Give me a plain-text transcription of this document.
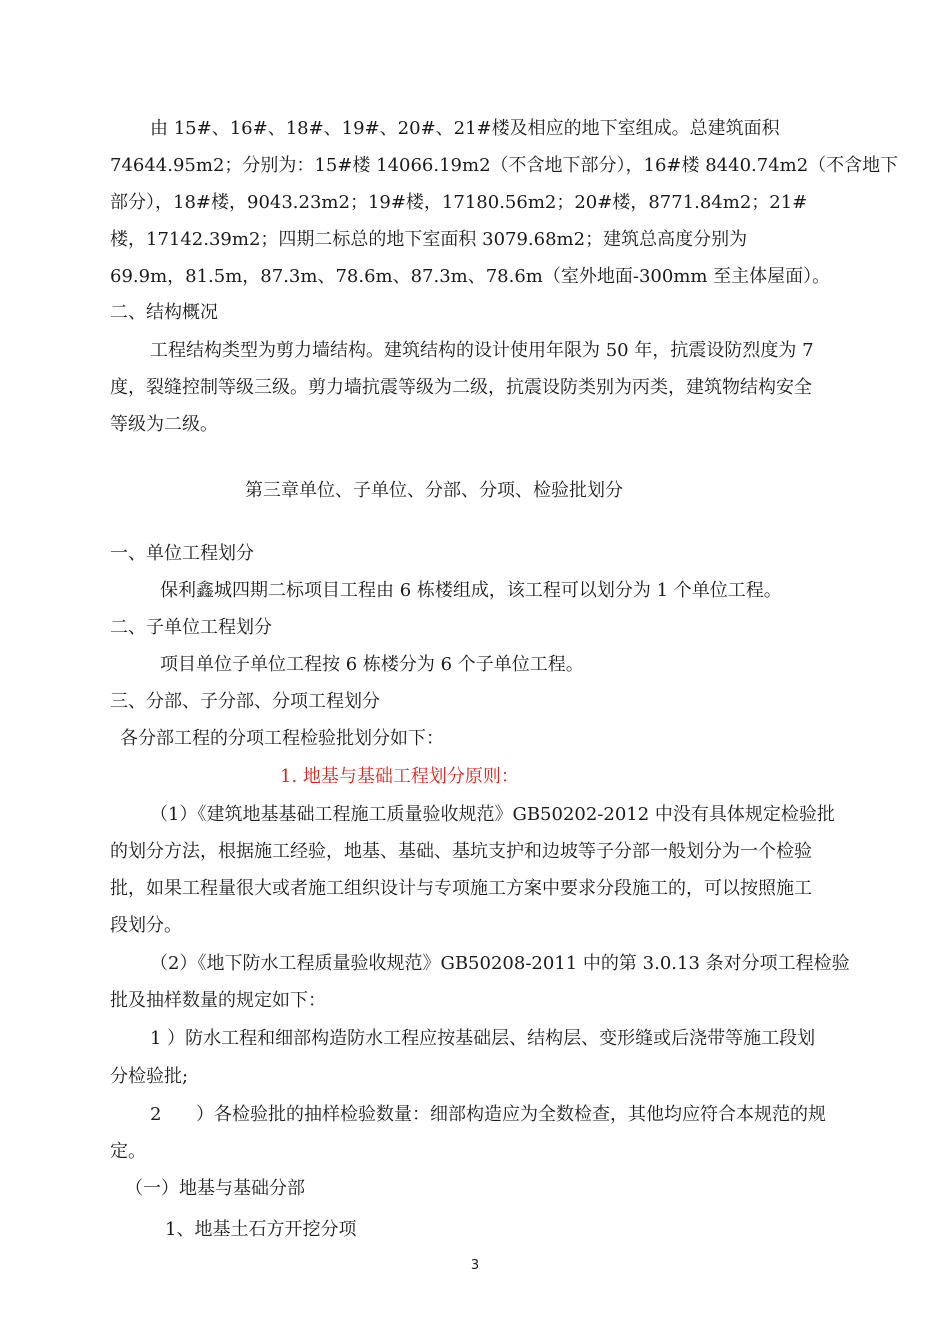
由 15#、16#、18#、19#、20#、21#楼及相应的地下室组成。总建筑面积
74644.95m2；分别为：15#楼 14066.19m2（不含地下部分），16#楼 8440.74m2（不含地下
部分），18#楼，9043.23m2；19#楼，17180.56m2；20#楼，8771.84m2；21#
楼，17142.39m2；四期二标总的地下室面积 3079.68m2；建筑总高度分别为
69.9m，81.5m，87.3m、78.6m、87.3m、78.6m（室外地面-300mm 至主体屋面）。
二、结构概况
工程结构类型为剪力墙结构。建筑结构的设计使用年限为 50 年，抗震设防烈度为 7
度，裂缝控制等级三级。剪力墙抗震等级为二级，抗震设防类别为丙类，建筑物结构安全
等级为二级。
第三章单位、子单位、分部、分项、检验批划分
一、单位工程划分
保利鑫城四期二标项目工程由 6 栋楼组成，该工程可以划分为 1 个单位工程。
二、子单位工程划分
项目单位子单位工程按 6 栋楼分为 6 个子单位工程。
三、分部、子分部、分项工程划分
各分部工程的分项工程检验批划分如下：
1. 地基与基础工程划分原则：
（1）《建筑地基基础工程施工质量验收规范》GB50202-2012 中没有具体规定检验批
的划分方法，根据施工经验，地基、基础、基坑支护和边坡等子分部一般划分为一个检验
批，如果工程量很大或者施工组织设计与专项施工方案中要求分段施工的，可以按照施工
段划分。
（2）《地下防水工程质量验收规范》GB50208-2011 中的第 3.0.13 条对分项工程检验
批及抽样数量的规定如下：
1 ）防水工程和细部构造防水工程应按基础层、结构层、变形缝或后浇带等施工段划
分检验批;
2 ）各检验批的抽样检验数量：细部构造应为全数检查，其他均应符合本规范的规
定。
（一）地基与基础分部
1、地基土石方开挖分项
3
